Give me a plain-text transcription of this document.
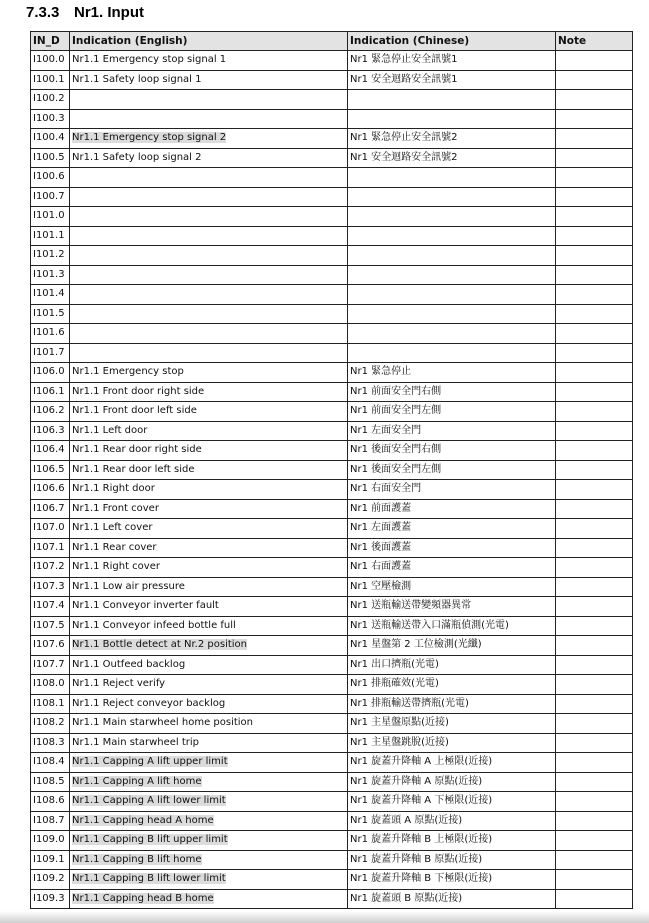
7.3.3 Nr1. Input
IN_D	Indication (English)	Indication (Chinese)	Note
I100.0	Nr1.1 Emergency stop signal 1	Nr1 緊急停止安全訊號1	
I100.1	Nr1.1 Safety loop signal 1	Nr1 安全迴路安全訊號1	
I100.2			
I100.3			
I100.4	Nr1.1 Emergency stop signal 2	Nr1 緊急停止安全訊號2	
I100.5	Nr1.1 Safety loop signal 2	Nr1 安全迴路安全訊號2	
I100.6			
I100.7			
I101.0			
I101.1			
I101.2			
I101.3			
I101.4			
I101.5			
I101.6			
I101.7			
I106.0	Nr1.1 Emergency stop	Nr1 緊急停止	
I106.1	Nr1.1 Front door right side	Nr1 前面安全門右側	
I106.2	Nr1.1 Front door left side	Nr1 前面安全門左側	
I106.3	Nr1.1 Left door	Nr1 左面安全門	
I106.4	Nr1.1 Rear door right side	Nr1 後面安全門右側	
I106.5	Nr1.1 Rear door left side	Nr1 後面安全門左側	
I106.6	Nr1.1 Right door	Nr1 右面安全門	
I106.7	Nr1.1 Front cover	Nr1 前面護蓋	
I107.0	Nr1.1 Left cover	Nr1 左面護蓋	
I107.1	Nr1.1 Rear cover	Nr1 後面護蓋	
I107.2	Nr1.1 Right cover	Nr1 右面護蓋	
I107.3	Nr1.1 Low air pressure	Nr1 空壓檢測	
I107.4	Nr1.1 Conveyor inverter fault	Nr1 送瓶輸送帶變頻器異常	
I107.5	Nr1.1 Conveyor infeed bottle full	Nr1 送瓶輸送帶入口滿瓶偵測(光電)	
I107.6	Nr1.1 Bottle detect at Nr.2 position	Nr1 星盤第 2 工位檢測(光纖)	
I107.7	Nr1.1 Outfeed backlog	Nr1 出口擠瓶(光電)	
I108.0	Nr1.1 Reject verify	Nr1 排瓶確效(光電)	
I108.1	Nr1.1 Reject conveyor backlog	Nr1 排瓶輸送帶擠瓶(光電)	
I108.2	Nr1.1 Main starwheel home position	Nr1 主星盤原點(近接)	
I108.3	Nr1.1 Main starwheel trip	Nr1 主星盤跳脫(近接)	
I108.4	Nr1.1 Capping A lift upper limit	Nr1 旋蓋升降軸 A 上極限(近接)	
I108.5	Nr1.1 Capping A lift home	Nr1 旋蓋升降軸 A 原點(近接)	
I108.6	Nr1.1 Capping A lift lower limit	Nr1 旋蓋升降軸 A 下極限(近接)	
I108.7	Nr1.1 Capping head A home	Nr1 旋蓋頭 A 原點(近接)	
I109.0	Nr1.1 Capping B lift upper limit	Nr1 旋蓋升降軸 B 上極限(近接)	
I109.1	Nr1.1 Capping B lift home	Nr1 旋蓋升降軸 B 原點(近接)	
I109.2	Nr1.1 Capping B lift lower limit	Nr1 旋蓋升降軸 B 下極限(近接)	
I109.3	Nr1.1 Capping head B home	Nr1 旋蓋頭 B 原點(近接)	
